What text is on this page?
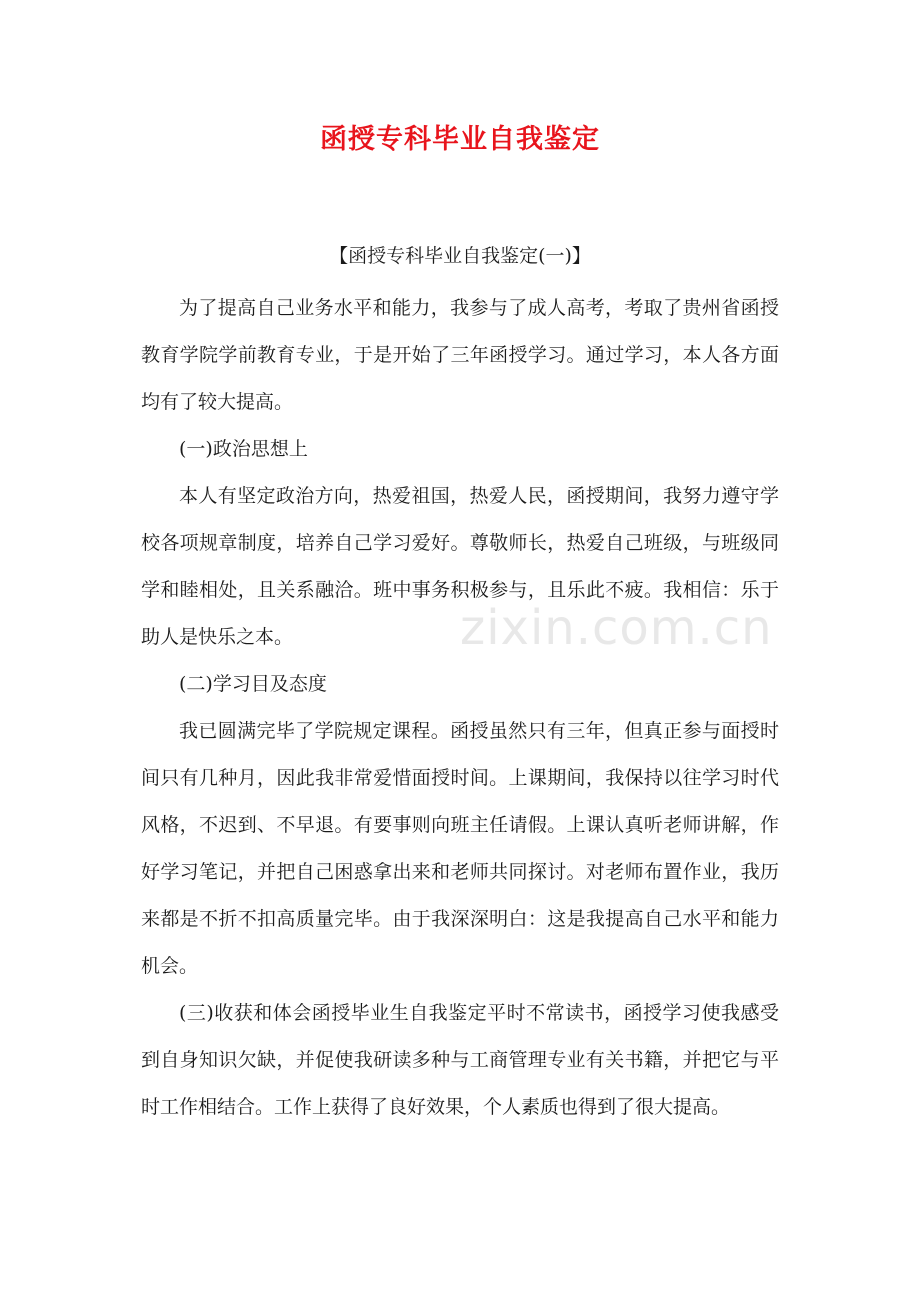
函授专科毕业自我鉴定
zixin.com.cn

【函授专科毕业自我鉴定(一)】

为了提高自己业务水平和能力，我参与了成人高考，考取了贵州省函授教育学院学前教育专业，于是开始了三年函授学习。通过学习，本人各方面均有了较大提高。

(一)政治思想上

本人有坚定政治方向，热爱祖国，热爱人民，函授期间，我努力遵守学校各项规章制度，培养自己学习爱好。尊敬师长，热爱自己班级，与班级同学和睦相处，且关系融洽。班中事务积极参与，且乐此不疲。我相信：乐于助人是快乐之本。

(二)学习目及态度

我已圆满完毕了学院规定课程。函授虽然只有三年，但真正参与面授时间只有几种月，因此我非常爱惜面授时间。上课期间，我保持以往学习时代风格，不迟到、不早退。有要事则向班主任请假。上课认真听老师讲解，作好学习笔记，并把自己困惑拿出来和老师共同探讨。对老师布置作业，我历来都是不折不扣高质量完毕。由于我深深明白：这是我提高自己水平和能力机会。

(三)收获和体会函授毕业生自我鉴定平时不常读书，函授学习使我感受到自身知识欠缺，并促使我研读多种与工商管理专业有关书籍，并把它与平时工作相结合。工作上获得了良好效果，个人素质也得到了很大提高。
